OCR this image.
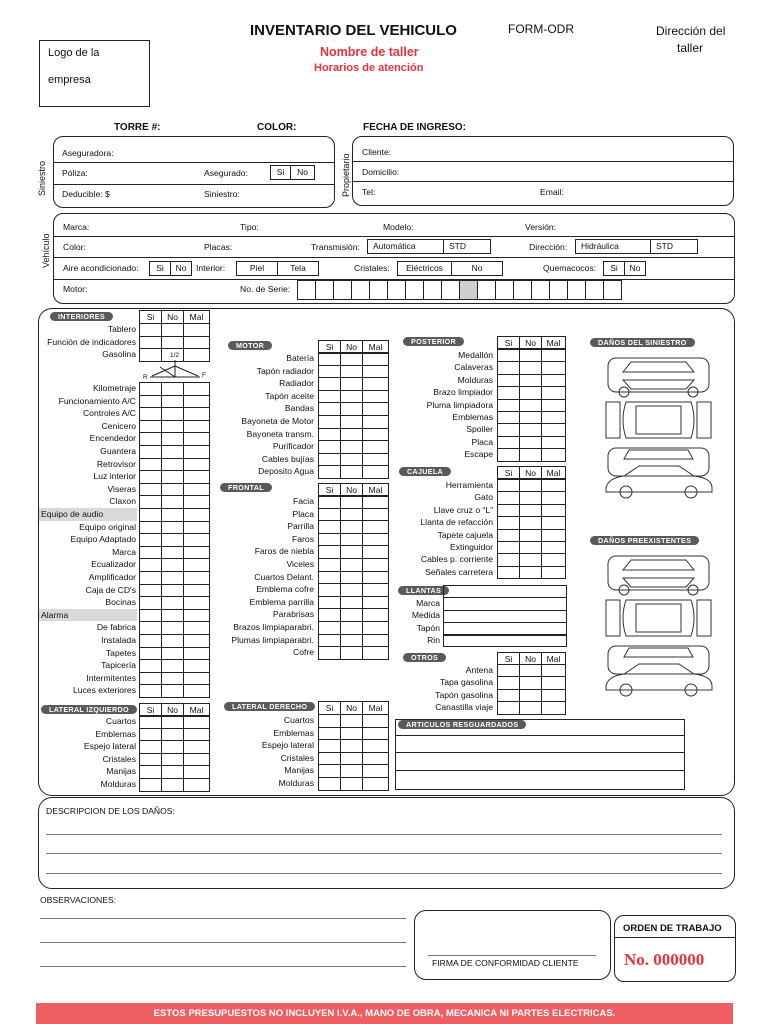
Logo de la
empresa
INVENTARIO DEL VEHICULO	FORM-ODR
Nombre de taller
Horarios de atención
Dirección del
taller
TORRE #:	COLOR:	FECHA DE INGRESO:
Siniestro
Aseguradora:
Póliza:	Asegurado:	Si	No
Deducible: $	Siniestro:	Propietario
Cliente:
Domicilio:
Tel:	Email:
Vehículo
Marca:	Tipo:	Modelo:	Versión:
Color:	Placas:	Transmisión:	Automática	STD	Dirección:	Hidráulica	STD
Aire acondicionado:	Si	No	Interior:	Piel	Tela	Cristales:	Eléctricos	No	Quemacocos:	Si	No
Motor:	No. de Serie:
INTERIORES	Si	No	Mal
Tablero
Función de indicadores
Gasolina	1/2
R	F
Kilometraje
Funcionamiento A/C
Controles A/C
Cenicero
Encendedor
Guantera
Retrovisor
Luz interior
Viseras
Claxon
Equipo de audio
Equipo original
Equipo Adaptado
Marca
Ecualizador
Amplificador
Caja de CD's
Bocinas
Alarma
De fabrica
Instalada
Tapetes
Tapicería
Intermitentes
Luces exteriores
LATERAL IZQUIERDO	Si	No	Mal
Cuartos
Emblemas
Espejo lateral
Cristales
Manijas
Molduras
MOTOR	Si	No	Mal
Batería
Tapón radiador
Radiador
Tapón aceite
Bandas
Bayoneta de Motor
Bayoneta transm.
Purificador
Cables bujías
Deposito Agua
FRONTAL	Si	No	Mal
Facia
Placa
Parrilla
Faros
Faros de niebla
Viceles
Cuartos Delant.
Emblema cofre
Emblema parrilla
Parabrisas
Brazos limpiaparabri.
Plumas limpiaparabri.
Cofre
LATERAL DERECHO	Si	No	Mal
Cuartos
Emblemas
Espejo lateral
Cristales
Manijas
Molduras
POSTERIOR	Si	No	Mal
Medallón
Calaveras
Molduras
Brazo limpiador
Pluma limpiadora
Emblemas
Spoiler
Placa
Escape
CAJUELA	Si	No	Mal
Herramienta
Gato
Llave cruz o “L”
Llanta de refacción
Tapete cajuela
Extinguidor
Cables p. corriente
Señales carretera
LLANTAS
Marca
Medida
Tapón
Rin
OTROS	Si	No	Mal
Antena
Tapa gasolina
Tapón gasolina
Canastilla viaje
DAÑOS DEL SINIESTRO
DAÑOS PREEXISTENTES
ARTICULOS RESGUARDADOS
DESCRIPCION DE LOS DAÑOS:
OBSERVACIONES:
FIRMA DE CONFORMIDAD CLIENTE
ORDEN DE TRABAJO
No. 000000
ESTOS PRESUPUESTOS NO INCLUYEN I.V.A., MANO DE OBRA, MECANICA NI PARTES ELECTRICAS.
